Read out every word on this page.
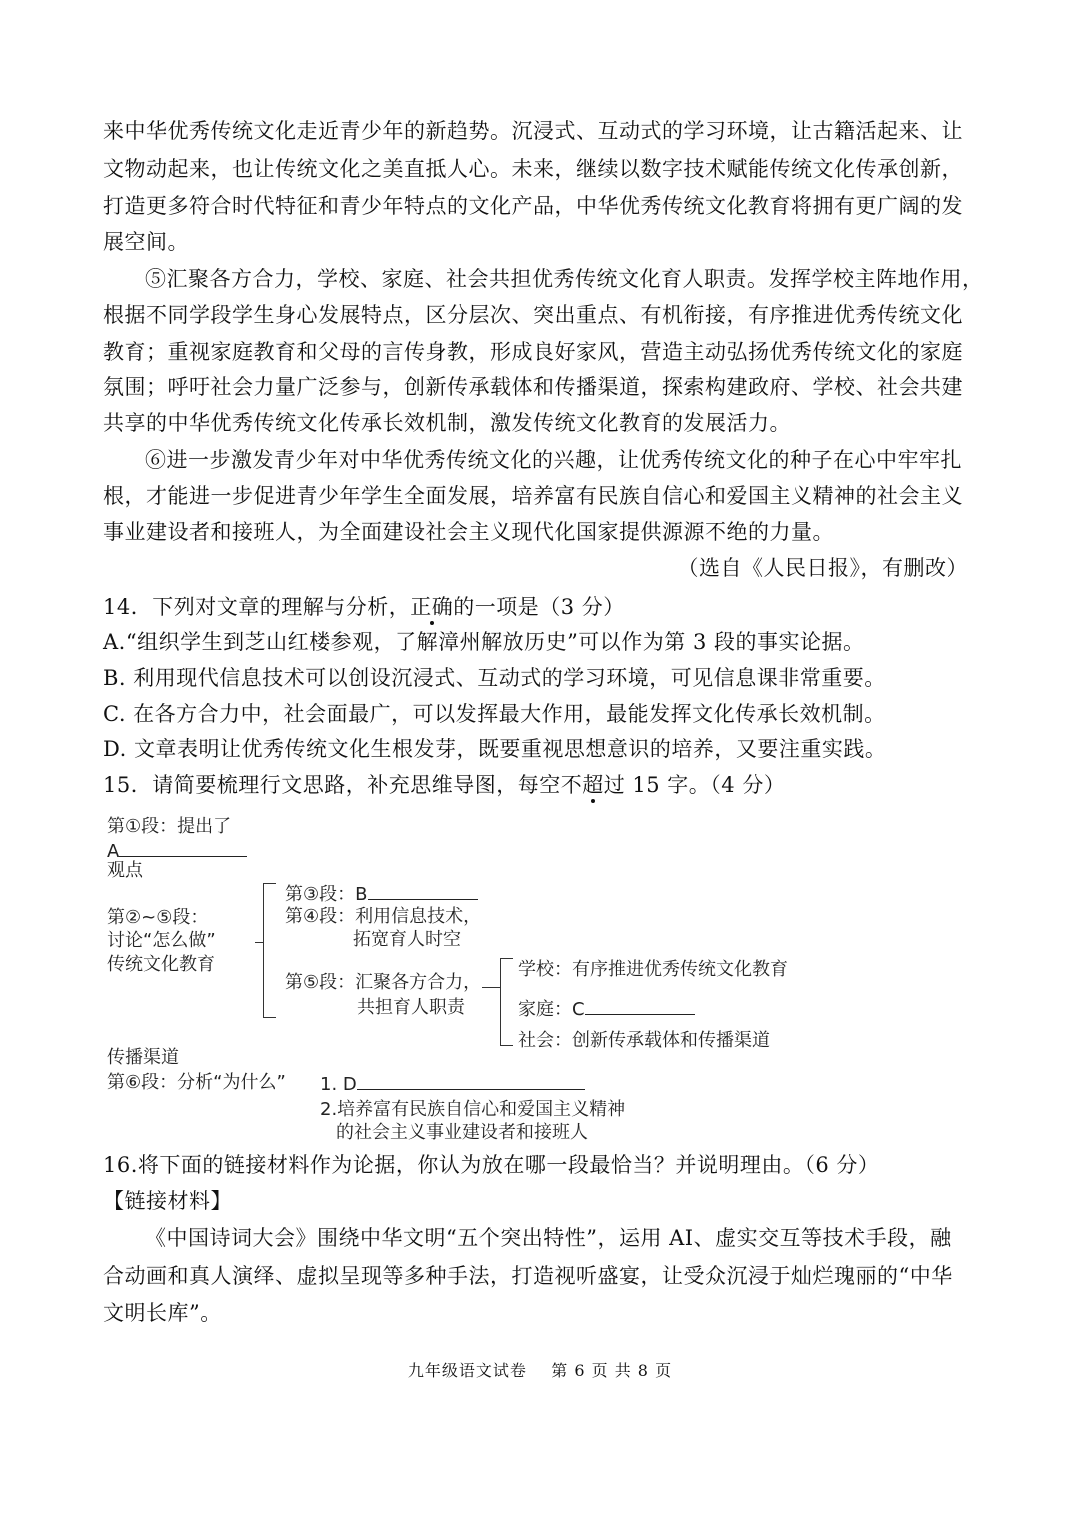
来中华优秀传统文化走近青少年的新趋势。沉浸式、互动式的学习环境，让古籍活起来、让

文物动起来，也让传统文化之美直抵人心。未来，继续以数字技术赋能传统文化传承创新，

打造更多符合时代特征和青少年特点的文化产品，中华优秀传统文化教育将拥有更广阔的发

展空间。

⑤汇聚各方合力，学校、家庭、社会共担优秀传统文化育人职责。发挥学校主阵地作用，

根据不同学段学生身心发展特点，区分层次、突出重点、有机衔接，有序推进优秀传统文化

教育；重视家庭教育和父母的言传身教，形成良好家风，营造主动弘扬优秀传统文化的家庭

氛围；呼吁社会力量广泛参与，创新传承载体和传播渠道，探索构建政府、学校、社会共建

共享的中华优秀传统文化传承长效机制，激发传统文化教育的发展活力。

⑥进一步激发青少年对中华优秀传统文化的兴趣，让优秀传统文化的种子在心中牢牢扎

根，才能进一步促进青少年学生全面发展，培养富有民族自信心和爱国主义精神的社会主义

事业建设者和接班人，为全面建设社会主义现代化国家提供源源不绝的力量。

（选自《人民日报》，有删改）

14．下列对文章的理解与分析，正确的一项是（3 分）

A.“组织学生到芝山红楼参观，了解漳州解放历史”可以作为第 3 段的事实论据。

B. 利用现代信息技术可以创设沉浸式、互动式的学习环境，可见信息课非常重要。

C. 在各方合力中，社会面最广，可以发挥最大作用，最能发挥文化传承长效机制。

D. 文章表明让优秀传统文化生根发芽，既要重视思想意识的培养，又要注重实践。

15．请简要梳理行文思路，补充思维导图，每空不超过 15 字。（4 分）

第①段：提出了

A

观点

第②~⑤段：

讨论“怎么做”

传统文化教育

第③段：B

第④段：利用信息技术，

拓宽育人时空

第⑤段：汇聚各方合力，

共担育人职责

学校：有序推进优秀传统文化教育

家庭：C

社会：创新传承载体和传播渠道

传播渠道

第⑥段：分析“为什么” 1. D

2.培养富有民族自信心和爱国主义精神

的社会主义事业建设者和接班人

16.将下面的链接材料作为论据，你认为放在哪一段最恰当？并说明理由。（6 分）

【链接材料】

《中国诗词大会》围绕中华文明“五个突出特性”，运用 AI、虚实交互等技术手段，融

合动画和真人演绎、虚拟呈现等多种手法，打造视听盛宴，让受众沉浸于灿烂瑰丽的“中华

文明长库”。

九年级语文试卷 第 6 页 共 8 页
